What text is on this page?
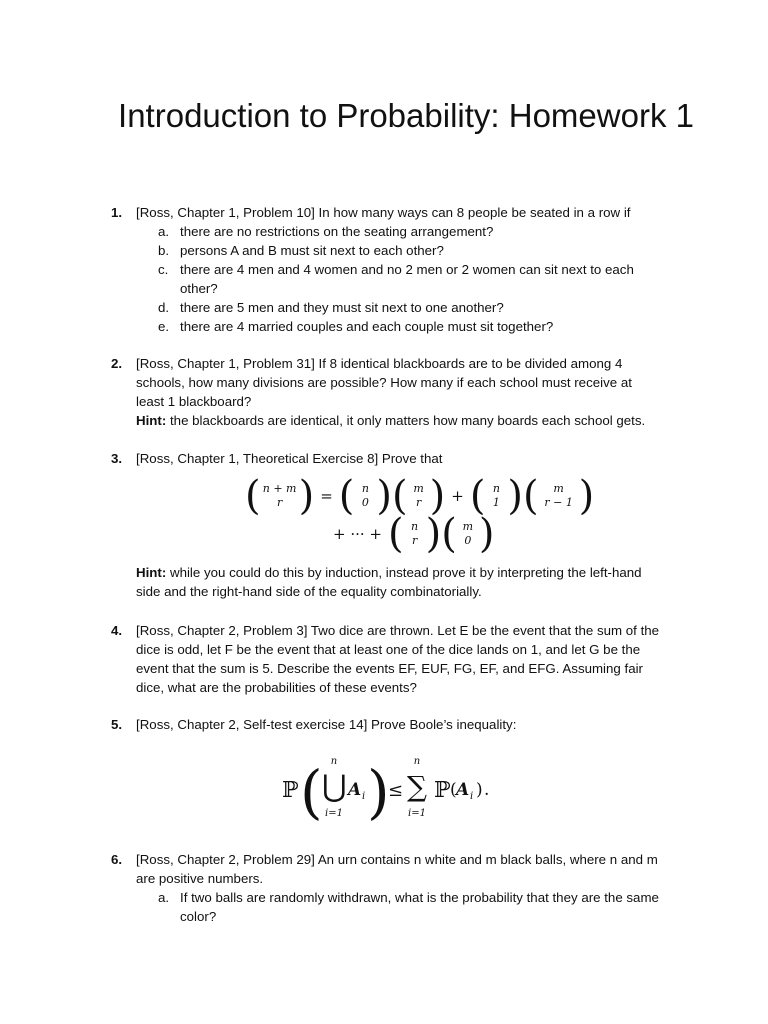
Introduction to Probability: Homework 1
1. [Ross, Chapter 1, Problem 10] In how many ways can 8 people be seated in a row if
a. there are no restrictions on the seating arrangement?
b. persons A and B must sit next to each other?
c. there are 4 men and 4 women and no 2 men or 2 women can sit next to each other?
d. there are 5 men and they must sit next to one another?
e. there are 4 married couples and each couple must sit together?
2. [Ross, Chapter 1, Problem 31] If 8 identical blackboards are to be divided among 4 schools, how many divisions are possible? How many if each school must receive at least 1 blackboard?
Hint: the blackboards are identical, it only matters how many boards each school gets.
3. [Ross, Chapter 1, Theoretical Exercise 8] Prove that
( n + m
r ) = ( n
0 ) ( m
r ) + ( n
1 ) ( m
r − 1 )
+ ··· + ( n
r ) ( m
0 )
Hint: while you could do this by induction, instead prove it by interpreting the left-hand side and the right-hand side of the equality combinatorially.
4. [Ross, Chapter 2, Problem 3] Two dice are thrown. Let E be the event that the sum of the dice is odd, let F be the event that at least one of the dice lands on 1, and let G be the event that the sum is 5. Describe the events EF, EUF, FG, EF, and EFG. Assuming fair dice, what are the probabilities of these events?
5. [Ross, Chapter 2, Self-test exercise 14] Prove Boole’s inequality:
ℙ ( n
⋃
i=1
A i )
≤
n
∑
i=1
ℙ ( A i ) .
6. [Ross, Chapter 2, Problem 29] An urn contains n white and m black balls, where n and m are positive numbers.
a. If two balls are randomly withdrawn, what is the probability that they are the same color?
